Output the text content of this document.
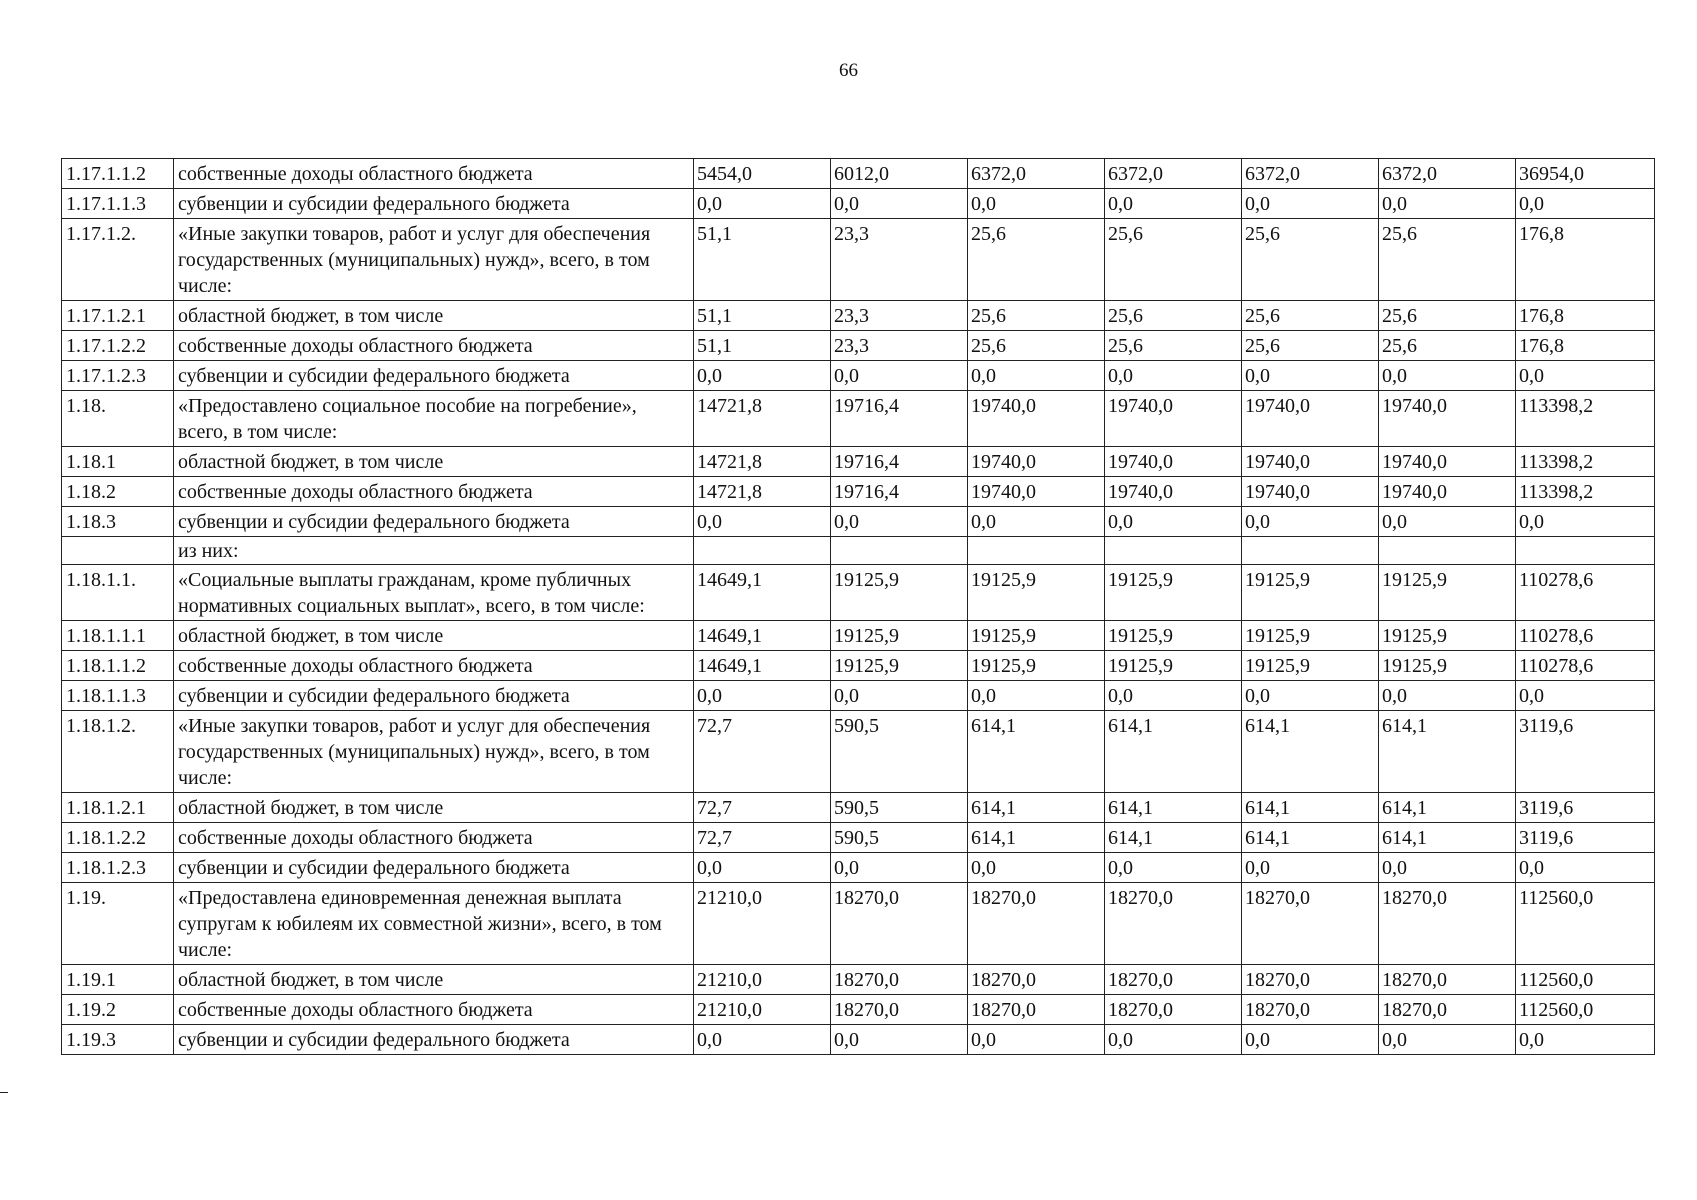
66
1.17.1.1.2	собственные доходы областного бюджета	5454,0	6012,0	6372,0	6372,0	6372,0	6372,0	36954,0
1.17.1.1.3	субвенции и субсидии федерального бюджета	0,0	0,0	0,0	0,0	0,0	0,0	0,0
1.17.1.2.	«Иные закупки товаров, работ и услуг для обеспечения государственных (муниципальных) нужд», всего, в том числе:	51,1	23,3	25,6	25,6	25,6	25,6	176,8
1.17.1.2.1	областной бюджет, в том числе	51,1	23,3	25,6	25,6	25,6	25,6	176,8
1.17.1.2.2	собственные доходы областного бюджета	51,1	23,3	25,6	25,6	25,6	25,6	176,8
1.17.1.2.3	субвенции и субсидии федерального бюджета	0,0	0,0	0,0	0,0	0,0	0,0	0,0
1.18.	«Предоставлено социальное пособие на погребение», всего, в том числе:	14721,8	19716,4	19740,0	19740,0	19740,0	19740,0	113398,2
1.18.1	областной бюджет, в том числе	14721,8	19716,4	19740,0	19740,0	19740,0	19740,0	113398,2
1.18.2	собственные доходы областного бюджета	14721,8	19716,4	19740,0	19740,0	19740,0	19740,0	113398,2
1.18.3	субвенции и субсидии федерального бюджета	0,0	0,0	0,0	0,0	0,0	0,0	0,0
	из них:							
1.18.1.1.	«Социальные выплаты гражданам, кроме публичных нормативных социальных выплат», всего, в том числе:	14649,1	19125,9	19125,9	19125,9	19125,9	19125,9	110278,6
1.18.1.1.1	областной бюджет, в том числе	14649,1	19125,9	19125,9	19125,9	19125,9	19125,9	110278,6
1.18.1.1.2	собственные доходы областного бюджета	14649,1	19125,9	19125,9	19125,9	19125,9	19125,9	110278,6
1.18.1.1.3	субвенции и субсидии федерального бюджета	0,0	0,0	0,0	0,0	0,0	0,0	0,0
1.18.1.2.	«Иные закупки товаров, работ и услуг для обеспечения государственных (муниципальных) нужд», всего, в том числе:	72,7	590,5	614,1	614,1	614,1	614,1	3119,6
1.18.1.2.1	областной бюджет, в том числе	72,7	590,5	614,1	614,1	614,1	614,1	3119,6
1.18.1.2.2	собственные доходы областного бюджета	72,7	590,5	614,1	614,1	614,1	614,1	3119,6
1.18.1.2.3	субвенции и субсидии федерального бюджета	0,0	0,0	0,0	0,0	0,0	0,0	0,0
1.19.	«Предоставлена единовременная денежная выплата супругам к юбилеям их совместной жизни», всего, в том числе:	21210,0	18270,0	18270,0	18270,0	18270,0	18270,0	112560,0
1.19.1	областной бюджет, в том числе	21210,0	18270,0	18270,0	18270,0	18270,0	18270,0	112560,0
1.19.2	собственные доходы областного бюджета	21210,0	18270,0	18270,0	18270,0	18270,0	18270,0	112560,0
1.19.3	субвенции и субсидии федерального бюджета	0,0	0,0	0,0	0,0	0,0	0,0	0,0
